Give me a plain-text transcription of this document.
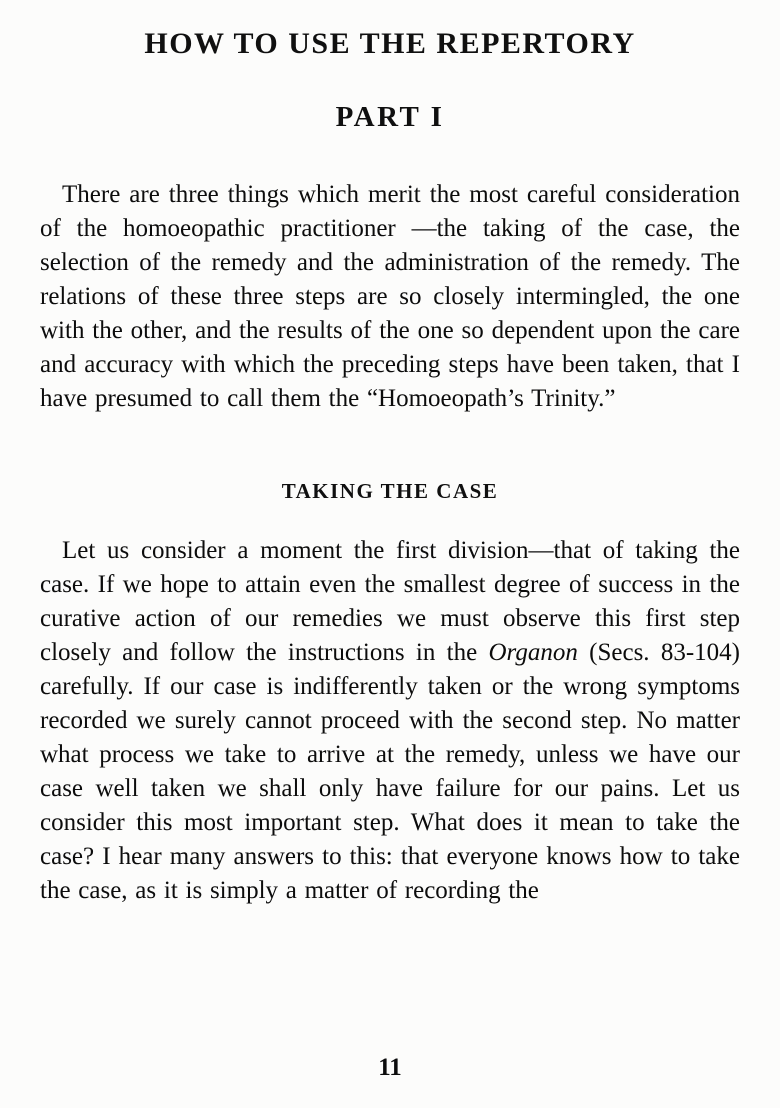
HOW TO USE THE REPERTORY
PART I

There are three things which merit the most careful consideration of the homoeopathic practitioner —the taking of the case, the selection of the remedy and the administration of the remedy. The relations of these three steps are so closely intermingled, the one with the other, and the results of the one so dependent upon the care and accuracy with which the preceding steps have been taken, that I have presumed to call them the “Homoeopath’s Trinity.”

TAKING THE CASE

Let us consider a moment the first division—that of taking the case. If we hope to attain even the smallest degree of success in the curative action of our remedies we must observe this first step closely and follow the instructions in the Organon (Secs. 83-104) carefully. If our case is indifferently taken or the wrong symptoms recorded we surely cannot proceed with the second step. No matter what process we take to arrive at the remedy, unless we have our case well taken we shall only have failure for our pains. Let us consider this most important step. What does it mean to take the case? I hear many answers to this: that everyone knows how to take the case, as it is simply a matter of recording the

11
